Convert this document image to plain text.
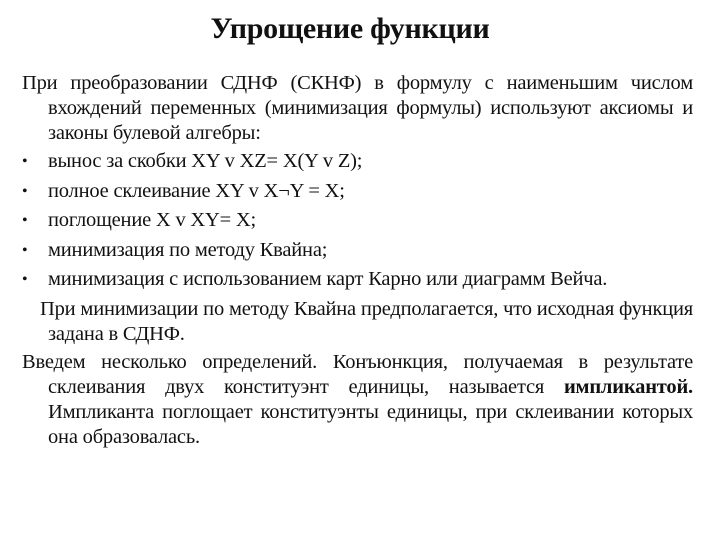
Упрощение функции

При преобразовании СДНФ (СКНФ) в формулу с наименьшим числом вхождений переменных (минимизация формулы) используют аксиомы и законы булевой алгебры:

• вынос за скобки XY v XZ= X(Y v Z);
• полное склеивание XY v X¬Y = X;
• поглощение X v XY= X;
• минимизация по методу Квайна;
• минимизация с использованием карт Карно или диаграмм Вейча.

При минимизации по методу Квайна предполагается, что исходная функция задана в СДНФ.

Введем несколько определений. Конъюнкция, получаемая в результате склеивания двух конституэнт единицы, называется импликантой. Импликанта поглощает конституэнты единицы, при склеивании которых она образовалась.
